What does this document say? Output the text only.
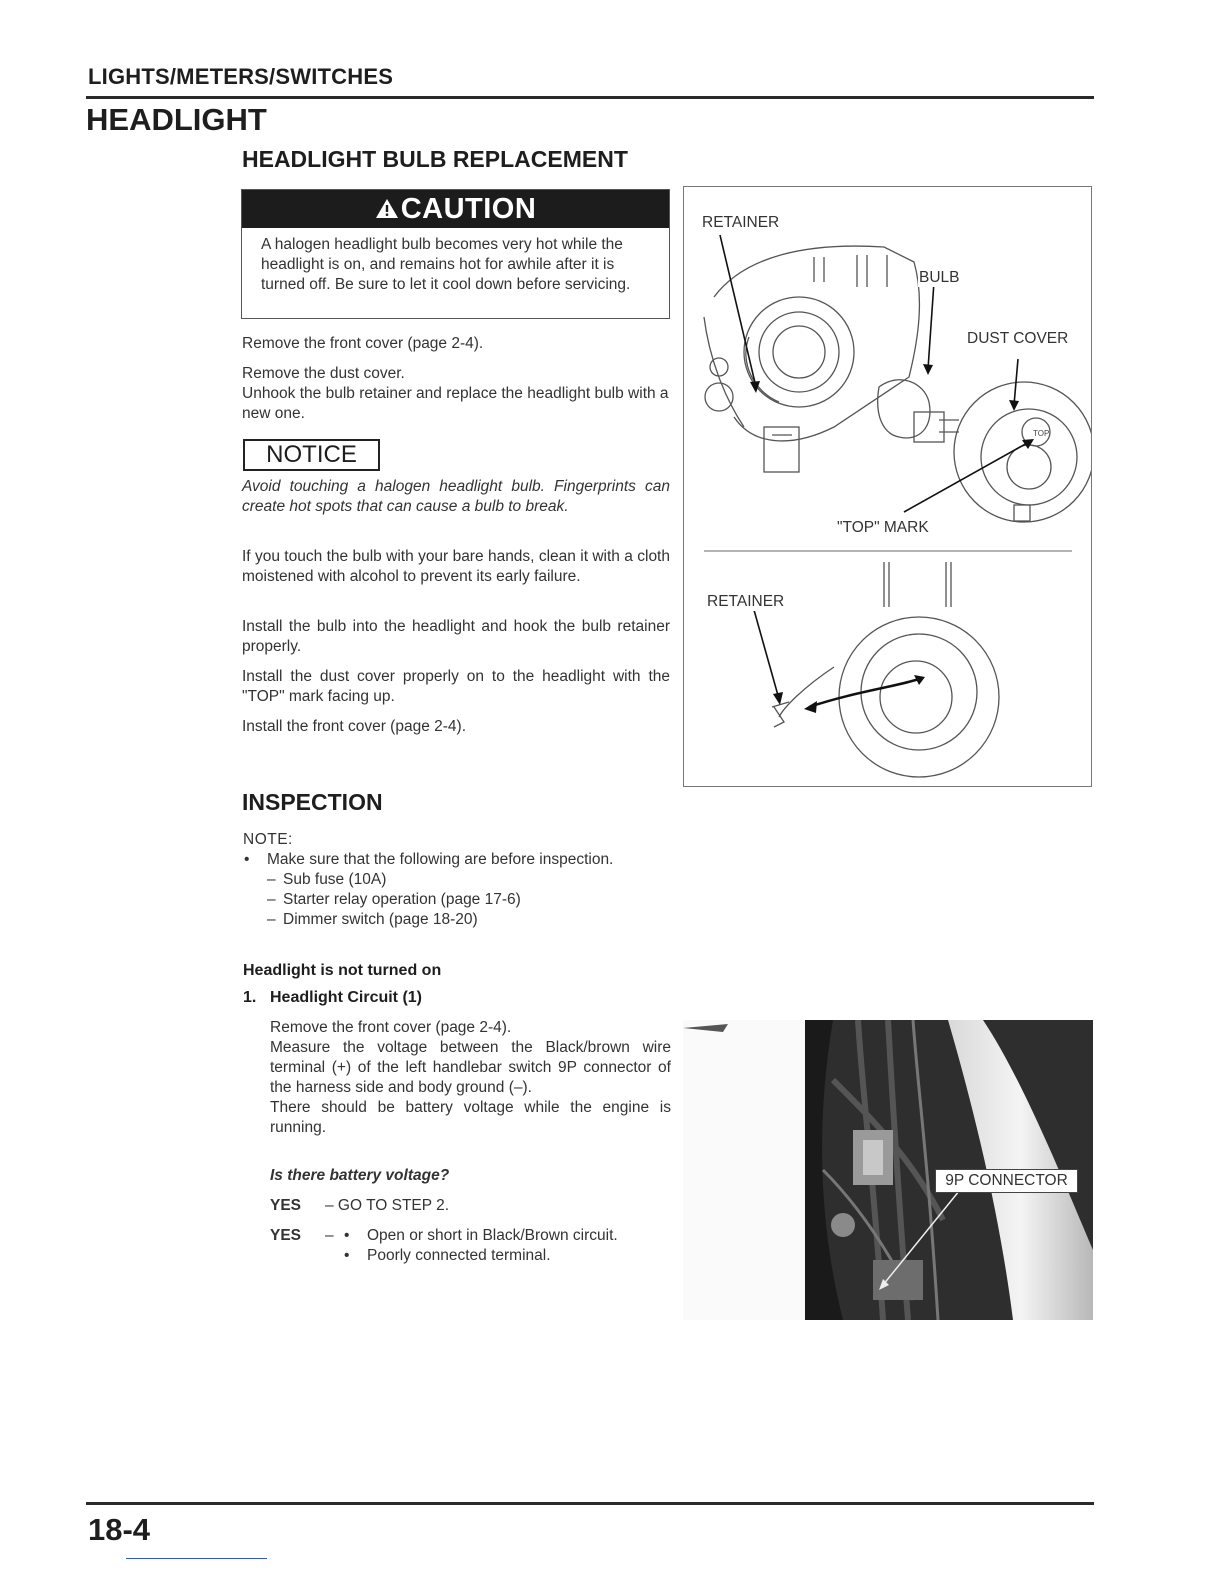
LIGHTS/METERS/SWITCHES
HEADLIGHT
HEADLIGHT BULB REPLACEMENT
CAUTION
A halogen headlight bulb becomes very hot while the headlight is on, and remains hot for awhile after it is turned off. Be sure to let it cool down before servicing.
Remove the front cover (page 2-4).
Remove the dust cover.
Unhook the bulb retainer and replace the headlight bulb with a new one.
NOTICE
Avoid touching a halogen headlight bulb. Fingerprints can create hot spots that can cause a bulb to break.
If you touch the bulb with your bare hands, clean it with a cloth moistened with alcohol to prevent its early failure.
Install the bulb into the headlight and hook the bulb retainer properly.
Install the dust cover properly on to the headlight with the "TOP" mark facing up.
Install the front cover (page 2-4).
TOP
RETAINER
BULB
DUST COVER
"TOP" MARK
RETAINER
INSPECTION
NOTE:
• Make sure that the following are before inspection.
– Sub fuse (10A)
– Starter relay operation (page 17-6)
– Dimmer switch (page 18-20)
Headlight is not turned on
1. Headlight Circuit (1)
Remove the front cover (page 2-4).
Measure the voltage between the Black/brown wire terminal (+) of the left handlebar switch 9P connector of the harness side and body ground (–).
There should be battery voltage while the engine is running.
Is there battery voltage?
YES – GO TO STEP 2.
YES –
•	Open or short in Black/Brown circuit.
• Poorly connected terminal.
9P CONNECTOR
18-4
